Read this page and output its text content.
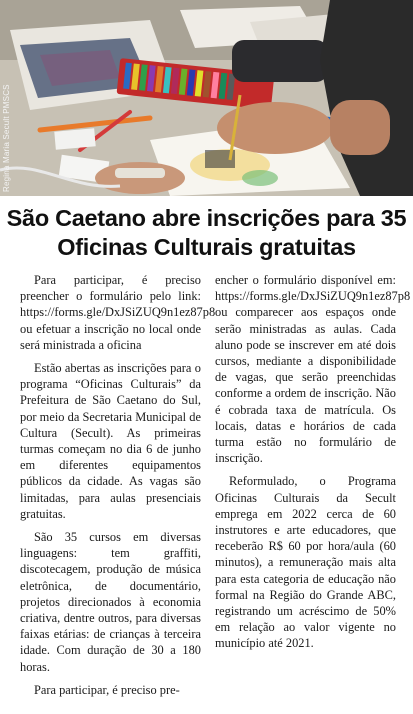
Regina Maria Secult PMSCS
São Caetano abre inscrições para 35 Oficinas Culturais gratuitas

Para participar, é preciso preencher o formulário pelo link: https://forms.gle/DxJSiZUQ9n1ez87p8 ou efetuar a inscrição no local onde será ministrada a oficina

Estão abertas as inscrições para o programa “Oficinas Culturais” da Prefeitura de São Caetano do Sul, por meio da Secretaria Municipal de Cultura (Secult). As primeiras turmas começam no dia 6 de junho em diferentes equipamentos públicos da cidade. As vagas são limitadas, para aulas presenciais gratuitas.

São 35 cursos em diversas linguagens: tem graffiti, discotecagem, produção de música eletrônica, de documentário, projetos direcionados à economia criativa, dentre outros, para diversas faixas etárias: de crianças à terceira idade. Com duração de 30 a 180 horas.

Para participar, é preciso pre-

encher o formulário disponível em: https://forms.gle/DxJSiZUQ9n1ez87p8 ou comparecer aos espaços onde serão ministradas as aulas. Cada aluno pode se inscrever em até dois cursos, mediante a disponibilidade de vagas, que serão preenchidas conforme a ordem de inscrição. Não é cobrada taxa de matrícula. Os locais, datas e horários de cada turma estão no formulário de inscrição.

Reformulado, o Programa Oficinas Culturais da Secult emprega em 2022 cerca de 60 instrutores e arte educadores, que receberão R$ 60 por hora/aula (60 minutos), a remuneração mais alta para esta categoria de educação não formal na Região do Grande ABC, registrando um acréscimo de 50% em relação ao valor vigente no município até 2021.
